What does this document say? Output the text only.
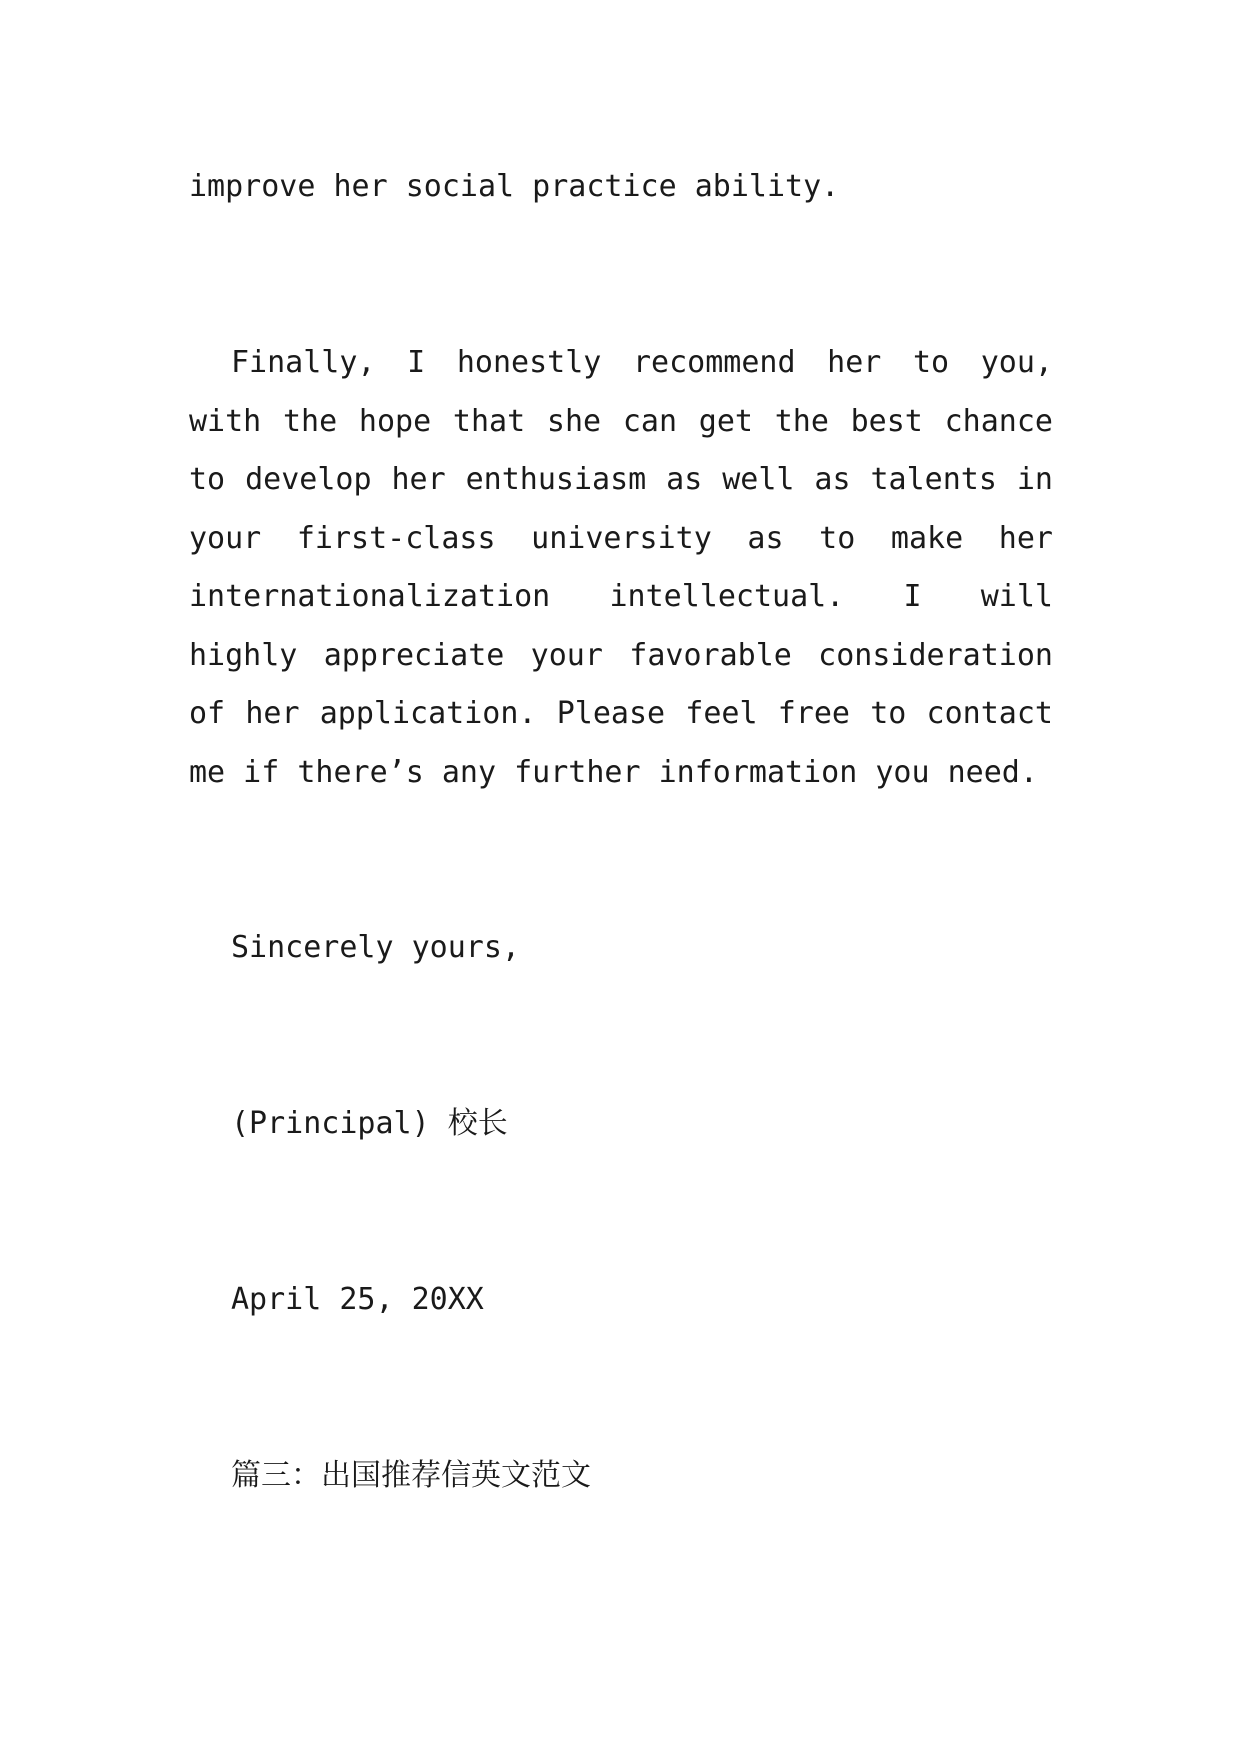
improve her social practice ability.

Finally, I honestly recommend her to you, with the hope that she can get the best chance to develop her enthusiasm as well as talents in your first-class university as to make her internationalization intellectual. I will highly appreciate your favorable consideration of her application. Please feel free to contact me if there’s any further information you need.

Sincerely yours,

(Principal) 校长

April 25, 20XX

篇三：出国推荐信英文范文
